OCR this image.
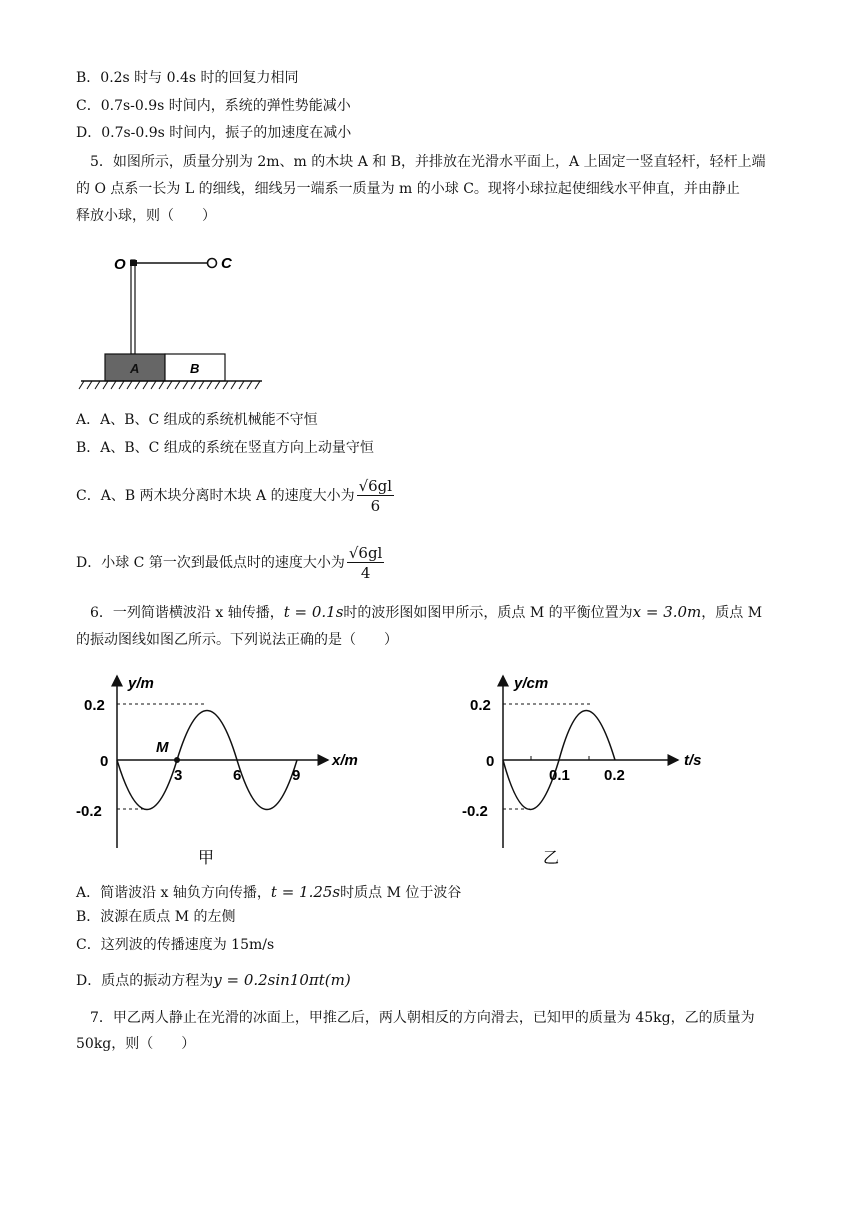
B．0.2s 时与 0.4s 时的回复力相同
C．0.7s-0.9s 时间内，系统的弹性势能减小
D．0.7s-0.9s 时间内，振子的加速度在减小
5．如图所示，质量分别为 2m、m 的木块 A 和 B，并排放在光滑水平面上，A 上固定一竖直轻杆，轻杆上端
的 O 点系一长为 L 的细线，细线另一端系一质量为 m 的小球 C。现将小球拉起使细线水平伸直，并由静止
释放小球，则（　　）
O	C
A	B
A．A、B、C 组成的系统机械能不守恒
B．A、B、C 组成的系统在竖直方向上动量守恒
C．A、B 两木块分离时木块 A 的速度大小为 $\frac{√6gl}{6}$
D．小球 C 第一次到最低点时的速度大小为 $\frac{√6gl}{4}$
6．一列简谐横波沿 x 轴传播，t = 0.1s时的波形图如图甲所示，质点 M 的平衡位置为x = 3.0m，质点 M
的振动图线如图乙所示。下列说法正确的是（　　）
y/m
x/m
0.2
0
-0.2
M
3	6	9
甲
y/cm
t/s
0.2
0
-0.2
0.1 0.2
乙
A．简谐波沿 x 轴负方向传播，t = 1.25s时质点 M 位于波谷
B．波源在质点 M 的左侧
C．这列波的传播速度为 15m/s
D．质点的振动方程为y = 0.2sin10πt(m)
7．甲乙两人静止在光滑的冰面上，甲推乙后，两人朝相反的方向滑去，已知甲的质量为 45kg，乙的质量为
50kg，则（　　）
